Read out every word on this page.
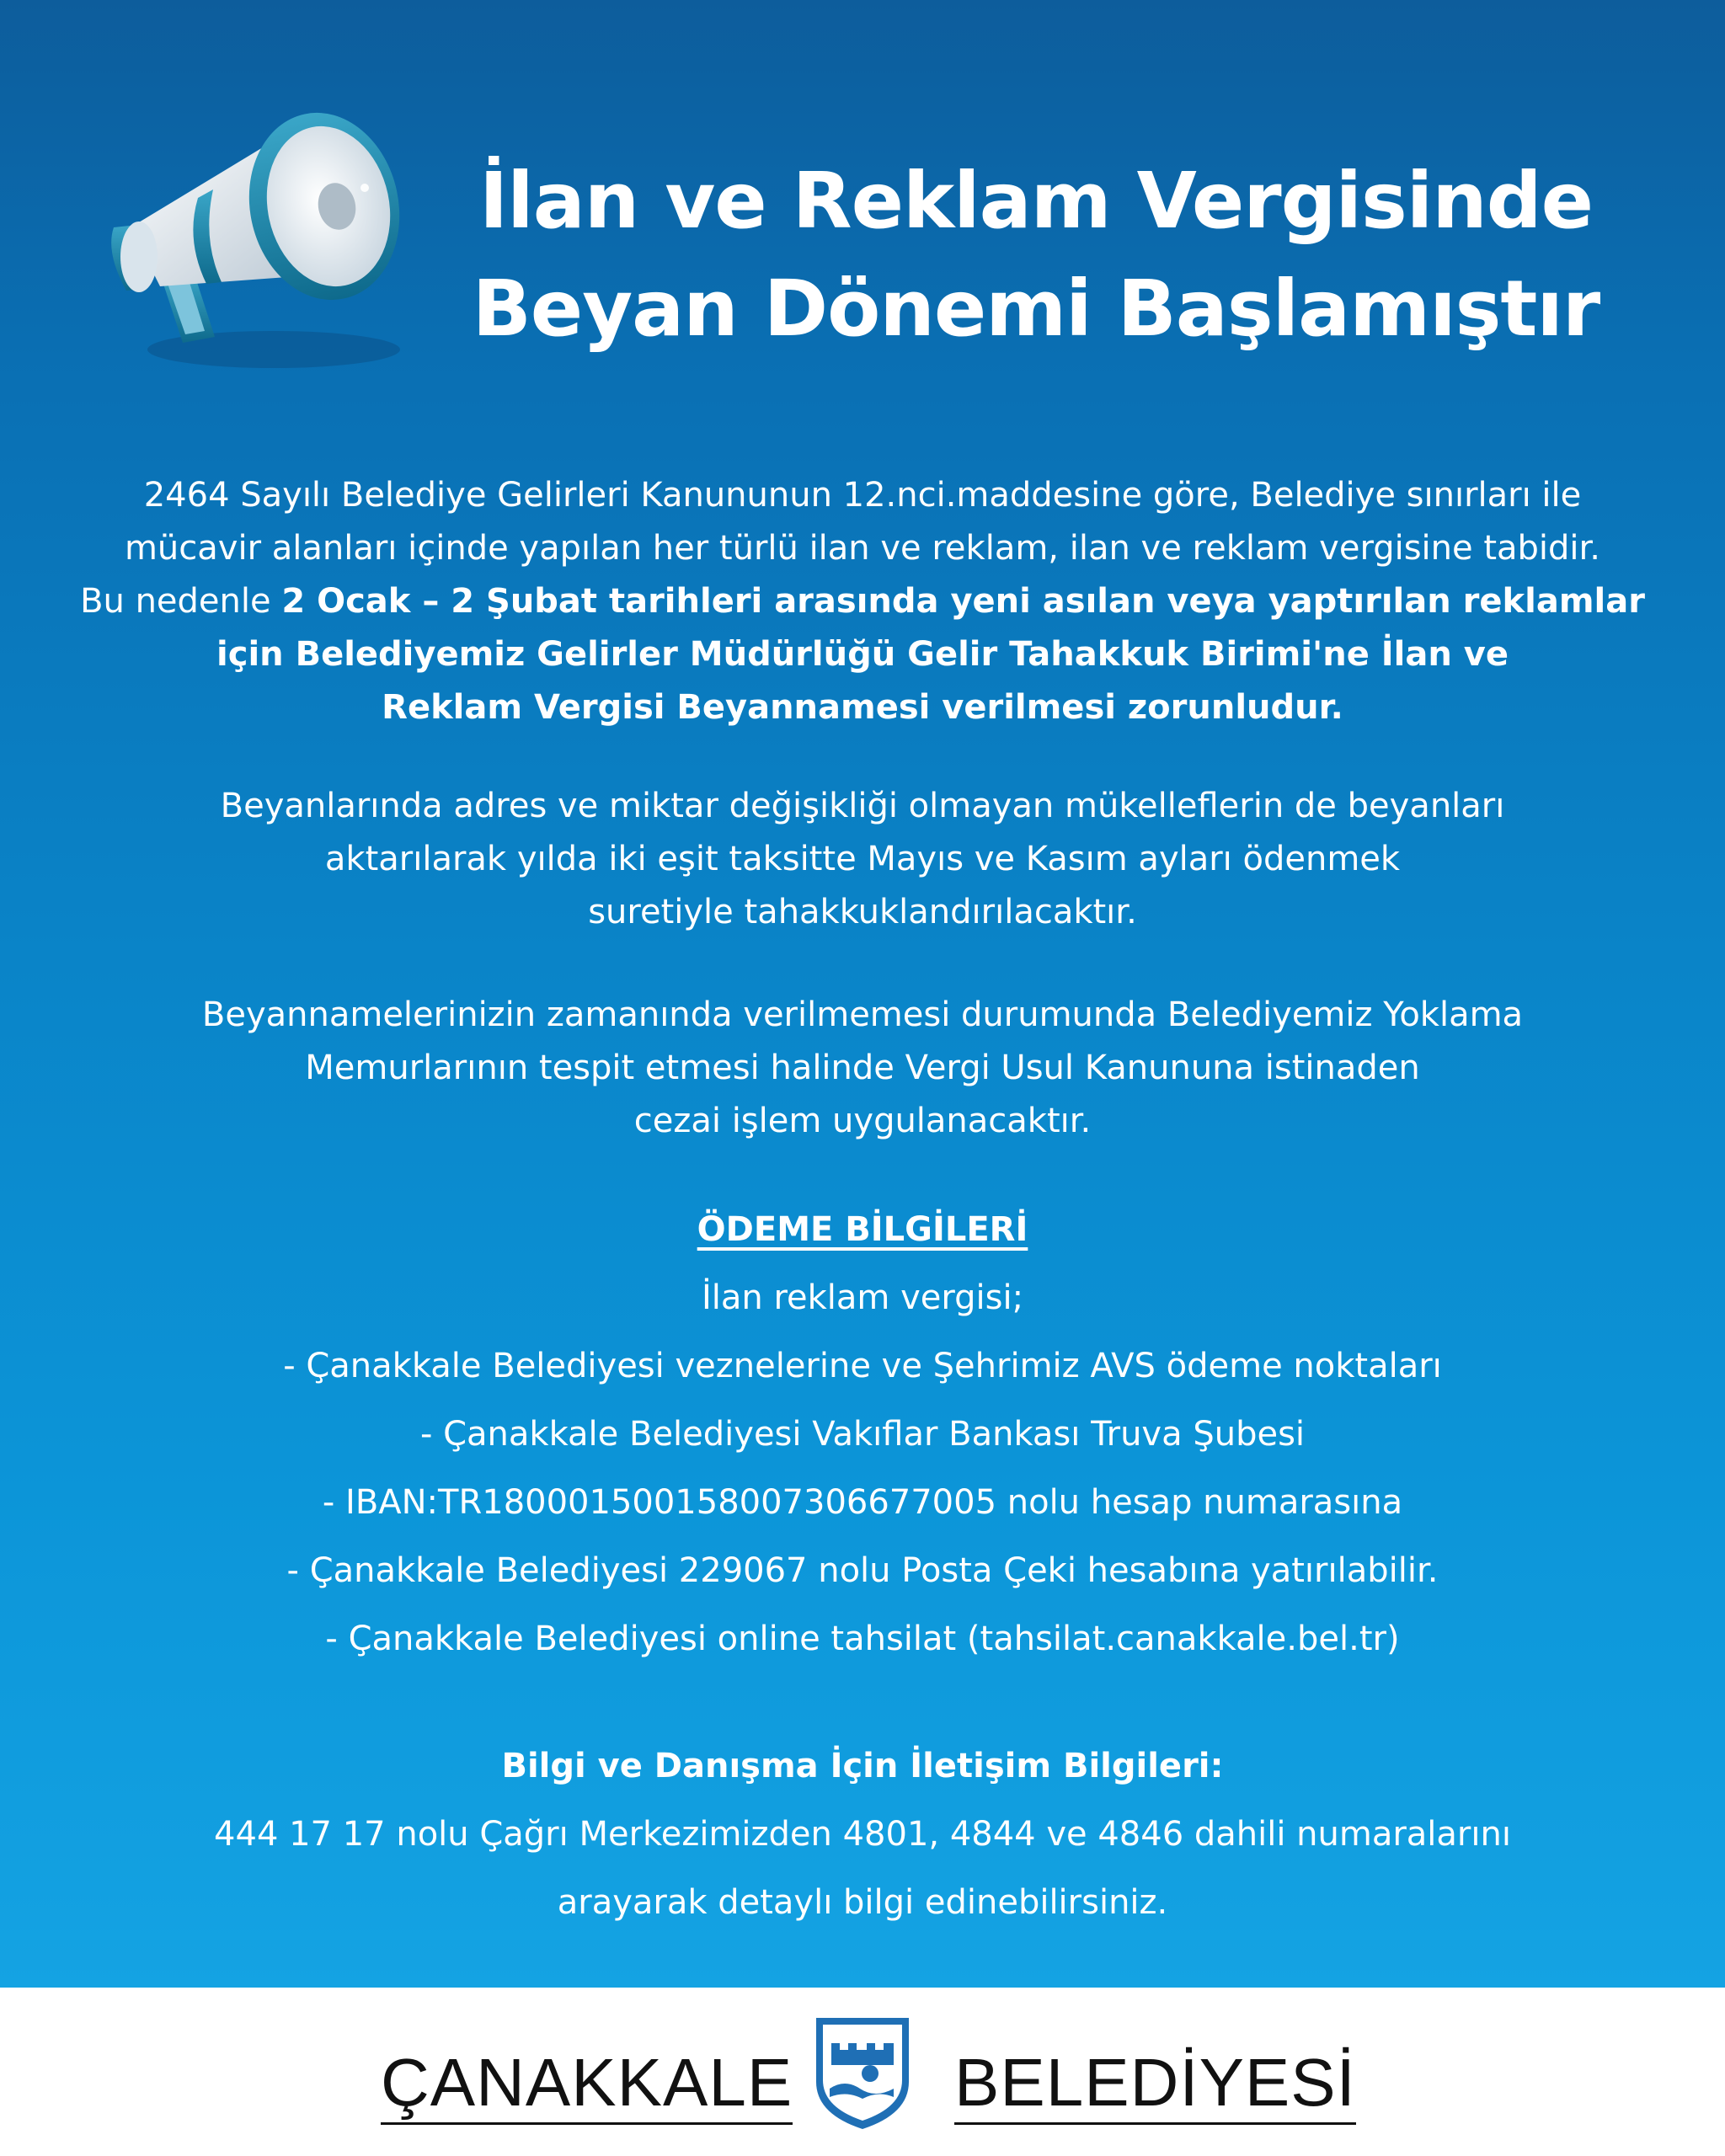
İlan ve Reklam Vergisinde
Beyan Dönemi Başlamıştır
2464 Sayılı Belediye Gelirleri Kanununun 12.nci.maddesine göre, Belediye sınırları ile
mücavir alanları içinde yapılan her türlü ilan ve reklam, ilan ve reklam vergisine tabidir.
Bu nedenle 2 Ocak – 2 Şubat tarihleri arasında yeni asılan veya yaptırılan reklamlar
için Belediyemiz Gelirler Müdürlüğü Gelir Tahakkuk Birimi'ne İlan ve
Reklam Vergisi Beyannamesi verilmesi zorunludur.
Beyanlarında adres ve miktar değişikliği olmayan mükelleflerin de beyanları
aktarılarak yılda iki eşit taksitte Mayıs ve Kasım ayları ödenmek
suretiyle tahakkuklandırılacaktır.
Beyannamelerinizin zamanında verilmemesi durumunda Belediyemiz Yoklama
Memurlarının tespit etmesi halinde Vergi Usul Kanununa istinaden
cezai işlem uygulanacaktır.
ÖDEME BİLGİLERİ
İlan reklam vergisi;
- Çanakkale Belediyesi veznelerine ve Şehrimiz AVS ödeme noktaları
- Çanakkale Belediyesi Vakıflar Bankası Truva Şubesi
- IBAN:TR180001500158007306677005 nolu hesap numarasına
- Çanakkale Belediyesi 229067 nolu Posta Çeki hesabına yatırılabilir.
- Çanakkale Belediyesi online tahsilat (tahsilat.canakkale.bel.tr)
Bilgi ve Danışma İçin İletişim Bilgileri:
444 17 17 nolu Çağrı Merkezimizden 4801, 4844 ve 4846 dahili numaralarını
arayarak detaylı bilgi edinebilirsiniz.
ÇANAKKALE BELEDİYESİ
